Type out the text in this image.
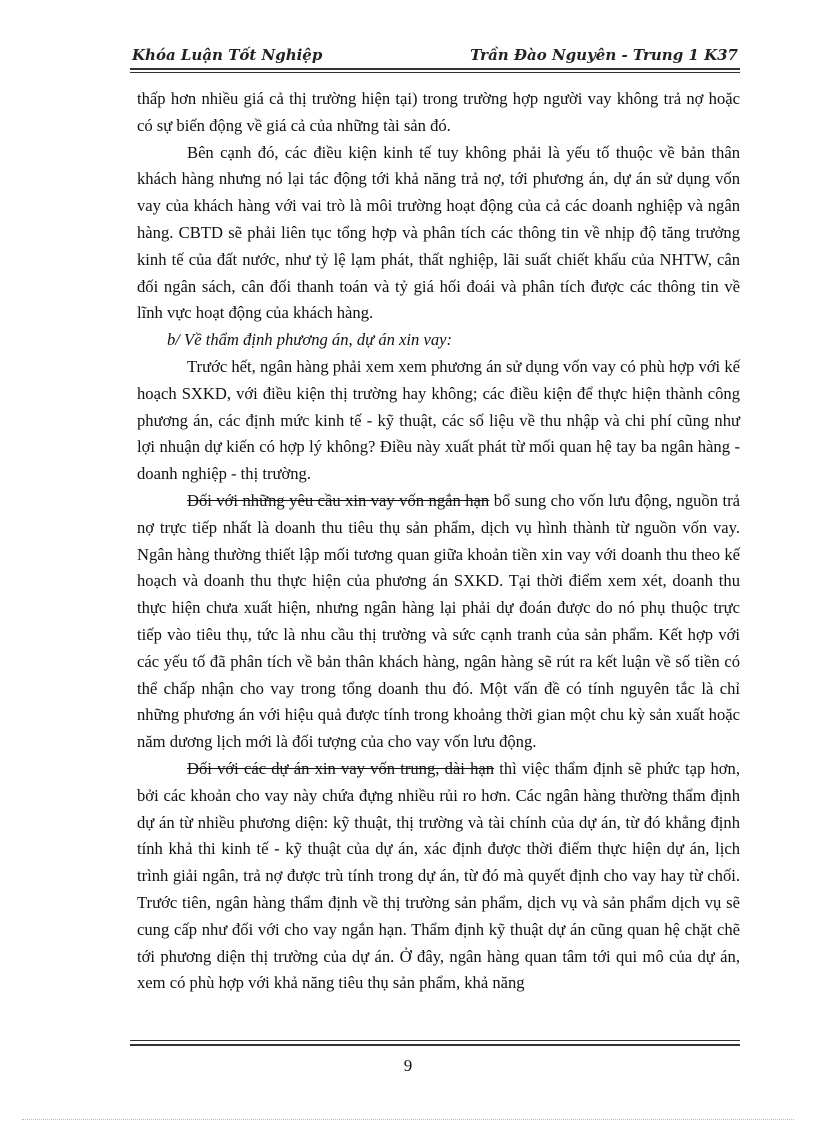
Khóa Luận Tốt Nghiệp	Trần Đào Nguyên - Trung 1 K37

thấp hơn nhiều giá cả thị trường hiện tại) trong trường hợp người vay không trả nợ hoặc có sự biến động về giá cả của những tài sản đó.

Bên cạnh đó, các điều kiện kinh tế tuy không phải là yếu tố thuộc về bản thân khách hàng nhưng nó lại tác động tới khả năng trả nợ, tới phương án, dự án sử dụng vốn vay của khách hàng với vai trò là môi trường hoạt động của cả các doanh nghiệp và ngân hàng. CBTD sẽ phải liên tục tổng hợp và phân tích các thông tin về nhịp độ tăng trưởng kinh tế của đất nước, như tỷ lệ lạm phát, thất nghiệp, lãi suất chiết khấu của NHTW, cân đối ngân sách, cân đối thanh toán và tỷ giá hối đoái và phân tích được các thông tin về lĩnh vực hoạt động của khách hàng.

b/ Về thẩm định phương án, dự án xin vay:

Trước hết, ngân hàng phải xem xem phương án sử dụng vốn vay có phù hợp với kế hoạch SXKD, với điều kiện thị trường hay không; các điều kiện để thực hiện thành công phương án, các định mức kinh tế - kỹ thuật, các số liệu về thu nhập và chi phí cũng như lợi nhuận dự kiến có hợp lý không? Điều này xuất phát từ mối quan hệ tay ba ngân hàng - doanh nghiệp - thị trường.

Đối với những yêu cầu xin vay vốn ngắn hạn bổ sung cho vốn lưu động, nguồn trả nợ trực tiếp nhất là doanh thu tiêu thụ sản phẩm, dịch vụ hình thành từ nguồn vốn vay. Ngân hàng thường thiết lập mối tương quan giữa khoản tiền xin vay với doanh thu theo kế hoạch và doanh thu thực hiện của phương án SXKD. Tại thời điểm xem xét, doanh thu thực hiện chưa xuất hiện, nhưng ngân hàng lại phải dự đoán được do nó phụ thuộc trực tiếp vào tiêu thụ, tức là nhu cầu thị trường và sức cạnh tranh của sản phẩm. Kết hợp với các yếu tố đã phân tích về bản thân khách hàng, ngân hàng sẽ rút ra kết luận về số tiền có thể chấp nhận cho vay trong tổng doanh thu đó. Một vấn đề có tính nguyên tắc là chỉ những phương án với hiệu quả được tính trong khoảng thời gian một chu kỳ sản xuất hoặc năm dương lịch mới là đối tượng của cho vay vốn lưu động.

Đối với các dự án xin vay vốn trung, dài hạn thì việc thẩm định sẽ phức tạp hơn, bởi các khoản cho vay này chứa đựng nhiều rủi ro hơn. Các ngân hàng thường thẩm định dự án từ nhiều phương diện: kỹ thuật, thị trường và tài chính của dự án, từ đó khẳng định tính khả thi kinh tế - kỹ thuật của dự án, xác định được thời điểm thực hiện dự án, lịch trình giải ngân, trả nợ được trù tính trong dự án, từ đó mà quyết định cho vay hay từ chối. Trước tiên, ngân hàng thẩm định về thị trường sản phẩm, dịch vụ và sản phẩm dịch vụ sẽ cung cấp như đối với cho vay ngắn hạn. Thẩm định kỹ thuật dự án cũng quan hệ chặt chẽ tới phương diện thị trường của dự án. Ở đây, ngân hàng quan tâm tới qui mô của dự án, xem có phù hợp với khả năng tiêu thụ sản phẩm, khả năng

9
